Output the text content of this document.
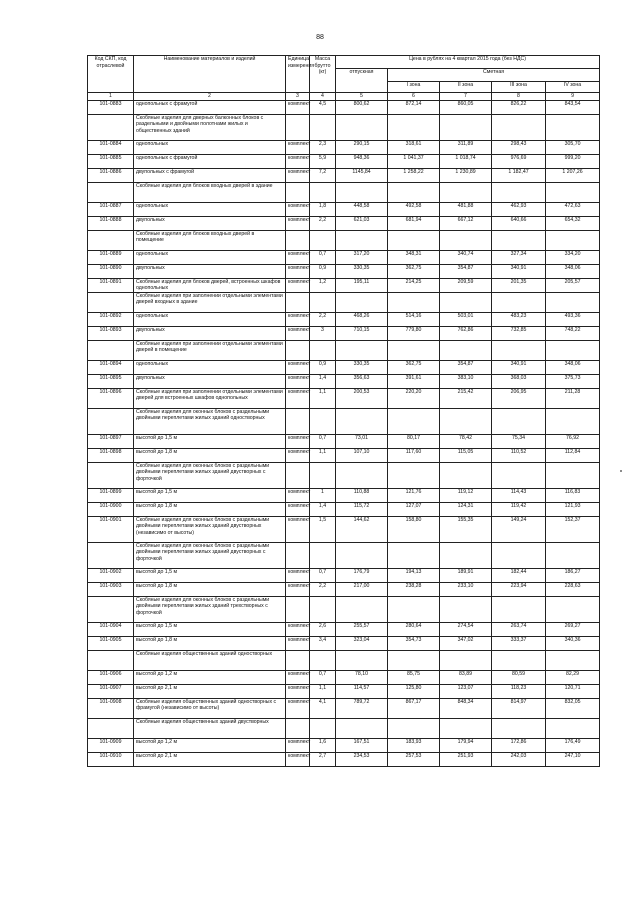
88
Код СКП, код отраслевой	Наименование материалов и изделий	Единица измерения	Масса брутто (кг)	Цена в рублях на 4 квартал 2015 года (без НДС)				
				отпускная	Сметная			
					I зона	II зона	III зона	IV зона
1	2	3	4	5	6	7	8	9
101-0883	однопольных с фрамугой	комплект	4,5	800,62	872,14	860,05	826,22	843,54
	Скобяные изделия для дверных балконных блоков с раздельными и двойными полотнами жилых и общественных зданий							
101-0884	однопольных	комплект	2,3	290,15	318,61	311,89	298,43	305,70
101-0885	однопольных с фрамугой	комплект	5,9	948,36	1 041,37	1 018,74	976,69	999,20
101-0886	двупольных с фрамугой	комплект	7,2	1145,84	1 258,22	1 230,89	1 182,47	1 207,26
	Скобяные изделия для блоков входных дверей в здание							
101-0887	однопольных	комплект	1,8	448,58	492,58	481,88	462,93	472,63
101-0888	двупольных	комплект	2,2	621,03	681,94	667,12	640,66	654,32
	Скобяные изделия для блоков входных дверей в помещение							
101-0889	однопольных	комплект	0,7	317,20	348,31	340,74	327,34	334,20
101-0890	двупольных	комплект	0,9	330,35	362,75	354,87	340,91	348,06
101-0891	Скобяные изделия для блоков дверей, встроенных шкафов однопольных	комплект	1,2	195,11	214,25	209,59	201,35	205,57
	Скобяные изделия при заполнении отдельными элементами дверей входных в здание							
101-0892	однопольных	комплект	2,2	468,26	514,16	503,01	483,23	493,36
101-0893	двупольных	комплект	3	710,15	779,80	762,86	732,85	748,22
	Скобяные изделия при заполнении отдельными элементами дверей в помещение							
101-0894	однопольных	комплект	0,9	330,35	362,75	354,87	340,91	348,06
101-0895	двупольных	комплект	1,4	356,63	391,61	383,10	368,03	375,73
101-0896	Скобяные изделия при заполнении отдельными элементами дверей для встроенных шкафов однопольных	комплект	1,1	200,53	220,20	215,42	206,95	211,28
	Скобяные изделия для оконных блоков с раздельными двойными переплетами жилых зданий одностворных							
101-0897	высотой до 1,5 м	комплект	0,7	73,01	80,17	78,42	75,34	76,92
101-0898	высотой до 1,8 м	комплект	1,1	107,10	117,60	115,05	110,52	112,84
	Скобяные изделия для оконных блоков с раздельными двойными переплетами жилых зданий двустворных с форточкой							
101-0899	высотой до 1,5 м	комплект	1	110,88	121,76	119,12	114,43	116,83
101-0900	высотой до 1,8 м	комплект	1,4	115,72	127,07	124,31	119,42	121,93
101-0901	Скобяные изделия для оконных блоков с раздельными двойными переплетами жилых зданий двустворных (независимо от высоты)	комплект	1,5	144,62	158,80	155,35	149,24	152,37
	Скобяные изделия для оконных блоков с раздельными двойными переплетами жилых зданий двустворных с форточкой							
101-0902	высотой до 1,5 м	комплект	0,7	176,79	194,13	189,91	182,44	186,27
101-0903	высотой до 1,8 м	комплект	2,2	217,00	238,28	233,10	223,94	228,63
	Скобяные изделия для оконных блоков с раздельными двойными переплетами жилых зданий трехстворных с форточкой							
101-0904	высотой до 1,5 м	комплект	2,6	255,57	280,64	274,54	263,74	269,27
101-0905	высотой до 1,8 м	комплект	3,4	323,04	354,73	347,02	333,37	340,36
	Скобяные изделия общественных зданий одностворных							
101-0906	высотой до 1,2 м	комплект	0,7	78,10	85,75	83,89	80,59	82,29
101-0907	высотой до 2,1 м	комплект	1,1	114,57	125,80	123,07	118,23	120,71
101-0908	Скобяные изделия общественных зданий одностворных с фрамугой (независимо от высоты)	комплект	4,1	789,72	867,17	848,34	814,97	832,05
	Скобяные изделия общественных зданий двустворных							
101-0909	высотой до 1,2 м	комплект	1,6	167,51	183,93	179,94	172,86	176,49
101-0910	высотой до 2,1 м	комплект	2,7	234,53	257,53	251,93	242,03	247,10
